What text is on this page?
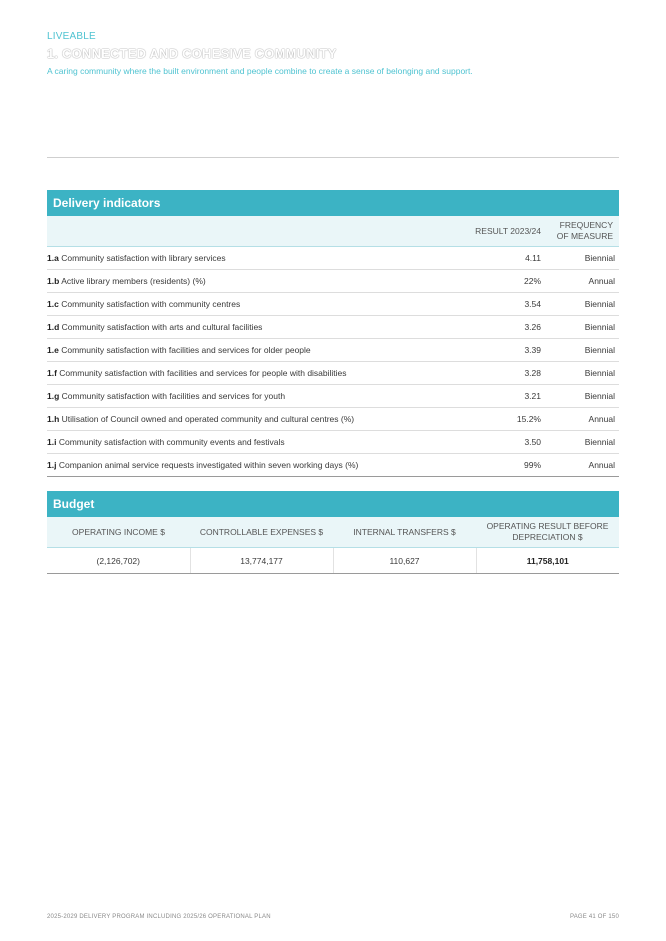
LIVEABLE
1. CONNECTED AND COHESIVE COMMUNITY
A caring community where the built environment and people combine to create a sense of belonging and support.
Delivery indicators
	RESULT 2023/24	FREQUENCY OF MEASURE
1.a Community satisfaction with library services	4.11	Biennial
1.b Active library members (residents) (%)	22%	Annual
1.c Community satisfaction with community centres	3.54	Biennial
1.d Community satisfaction with arts and cultural facilities	3.26	Biennial
1.e Community satisfaction with facilities and services for older people	3.39	Biennial
1.f Community satisfaction with facilities and services for people with disabilities	3.28	Biennial
1.g Community satisfaction with facilities and services for youth	3.21	Biennial
1.h Utilisation of Council owned and operated community and cultural centres (%)	15.2%	Annual
1.i Community satisfaction with community events and festivals	3.50	Biennial
1.j Companion animal service requests investigated within seven working days (%)	99%	Annual
Budget
OPERATING INCOME $	CONTROLLABLE EXPENSES $	INTERNAL TRANSFERS $	OPERATING RESULT BEFORE DEPRECIATION $
(2,126,702)	13,774,177	110,627	11,758,101
2025-2029 DELIVERY PROGRAM INCLUDING 2025/26 OPERATIONAL PLAN	PAGE 41 OF 150
